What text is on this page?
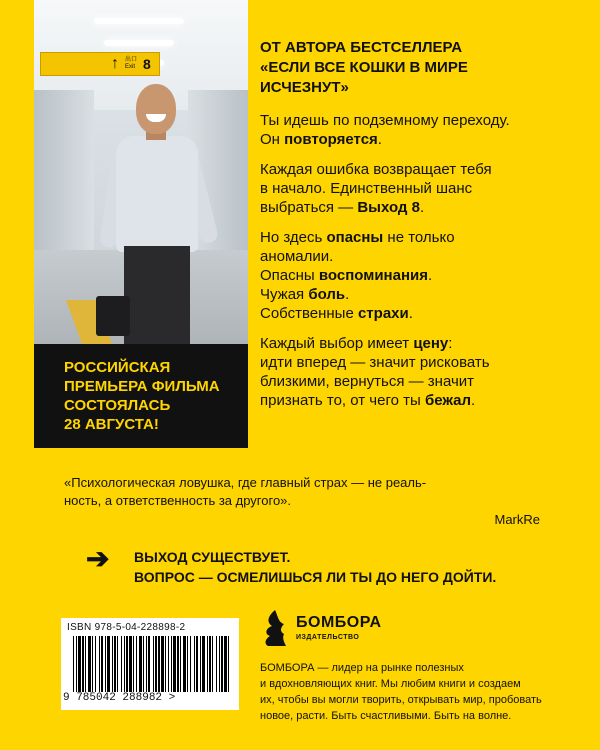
↑ 出口
Exit 8
РОССИЙСКАЯ
ПРЕМЬЕРА ФИЛЬМА
СОСТОЯЛАСЬ
28 АВГУСТА!
ОТ АВТОРА БЕСТСЕЛЛЕРА
«ЕСЛИ ВСЕ КОШКИ В МИРЕ
ИСЧЕЗНУТ»
Ты идешь по подземному переходу.
Он повторяется.
Каждая ошибка возвращает тебя
в начало. Единственный шанс
выбраться — Выход 8.
Но здесь опасны не только
аномалии.
Опасны воспоминания.
Чужая боль.
Собственные страхи.
Каждый выбор имеет цену:
идти вперед — значит рисковать
близкими, вернуться — значит
признать то, от чего ты бежал.
«Психологическая ловушка, где главный страх — не реаль-
ность, а ответственность за другого».
MarkRe
➔ ВЫХОД СУЩЕСТВУЕТ.
ВОПРОС — ОСМЕЛИШЬСЯ ЛИ ТЫ ДО НЕГО ДОЙТИ.
ISBN 978-5-04-228898-2
9 785042 288982 >
БОМБОРА
ИЗДАТЕЛЬСТВО
БОМБОРА — лидер на рынке полезных
и вдохновляющих книг. Мы любим книги и создаем
их, чтобы вы могли творить, открывать мир, пробовать
новое, расти. Быть счастливыми. Быть на волне.
